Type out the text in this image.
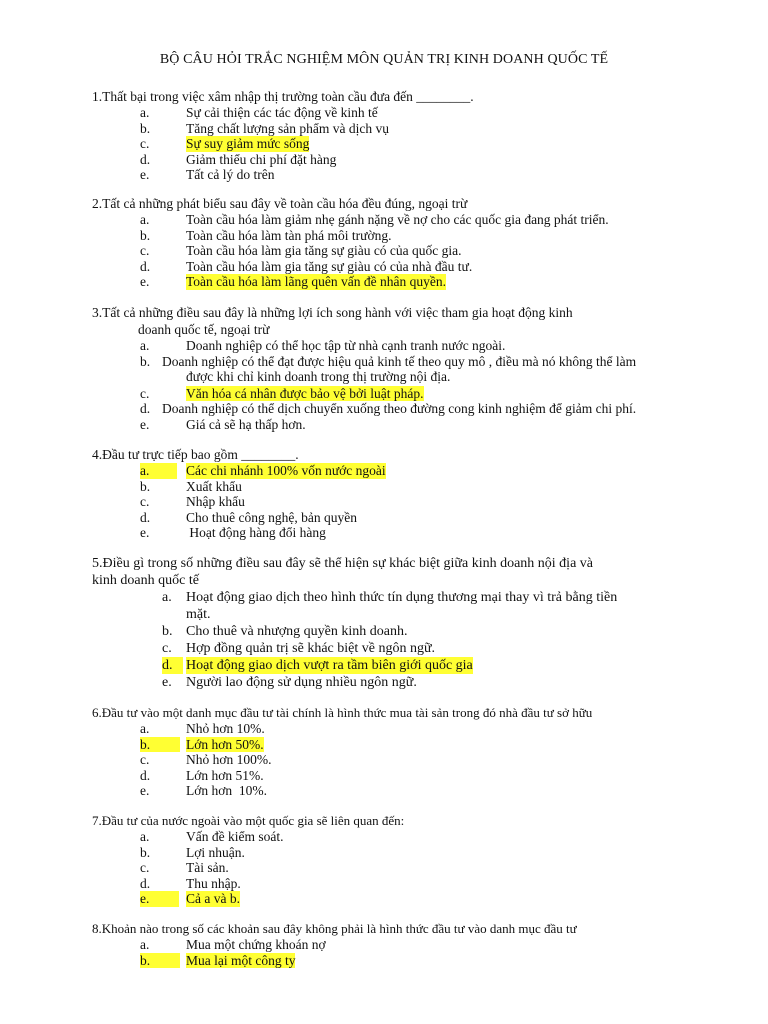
BỘ CÂU HỎI TRẮC NGHIỆM MÔN QUẢN TRỊ KINH DOANH QUỐC TẾ

1.Thất bại trong việc xâm nhập thị trường toàn cầu đưa đến ________.

a.	Sự cải thiện các tác động về kinh tế
b.	Tăng chất lượng sản phẩm và dịch vụ
c.	Sự suy giảm mức sống
d.	Giảm thiểu chi phí đặt hàng
e.	Tất cả lý do trên

2.Tất cả những phát biểu sau đây về toàn cầu hóa đều đúng, ngoại trừ

a.	Toàn cầu hóa làm giảm nhẹ gánh nặng về nợ cho các quốc gia đang phát triển.
b.	Toàn cầu hóa làm tàn phá môi trường.
c.	Toàn cầu hóa làm gia tăng sự giàu có của quốc gia.
d.	Toàn cầu hóa làm gia tăng sự giàu có của nhà đầu tư.
e.	Toàn cầu hóa làm lãng quên vấn đề nhân quyền.

3.Tất cả những điều sau đây là những lợi ích song hành với việc tham gia hoạt động kinh

doanh quốc tế, ngoại trừ

a.	Doanh nghiệp có thể học tập từ nhà cạnh tranh nước ngoài.
b. Doanh nghiệp có thể đạt được hiệu quả kinh tế theo quy mô , điều mà nó không thể làm
được khi chỉ kinh doanh trong thị trường nội địa.
c.	Văn hóa cá nhân được bảo vệ bởi luật pháp.
d. Doanh nghiệp có thể dịch chuyển xuống theo đường cong kinh nghiệm để giảm chi phí.
e.	Giá cả sẽ hạ thấp hơn.

4.Đầu tư trực tiếp bao gồm ________.

a.	Các chi nhánh 100% vốn nước ngoài
b.	Xuất khẩu
c.	Nhập khẩu
d.	Cho thuê công nghệ, bản quyền
e.	Hoạt động hàng đổi hàng

5.Điều gì trong số những điều sau đây sẽ thể hiện sự khác biệt giữa kinh doanh nội địa và

kinh doanh quốc tế

a. Hoạt động giao dịch theo hình thức tín dụng thương mại thay vì trả bằng tiền
mặt.
b. Cho thuê và nhượng quyền kinh doanh.
c. Hợp đồng quản trị sẽ khác biệt về ngôn ngữ.
d. Hoạt động giao dịch vượt ra tầm biên giới quốc gia
e. Người lao động sử dụng nhiều ngôn ngữ.

6.Đầu tư vào một danh mục đầu tư tài chính là hình thức mua tài sản trong đó nhà đầu tư sở hữu

a.	Nhỏ hơn 10%.
b.	Lớn hơn 50%.
c.	Nhỏ hơn 100%.
d.	Lớn hơn 51%.
e.	Lớn hơn  10%.

7.Đầu tư của nước ngoài vào một quốc gia sẽ liên quan đến:

a.	Vấn đề kiểm soát.
b.	Lợi nhuận.
c.	Tài sản.
d.	Thu nhập.
e.	Cả a và b.

8.Khoản nào trong số các khoản sau đây không phải là hình thức đầu tư vào danh mục đầu tư

a.	Mua một chứng khoán nợ
b.	Mua lại một công ty
